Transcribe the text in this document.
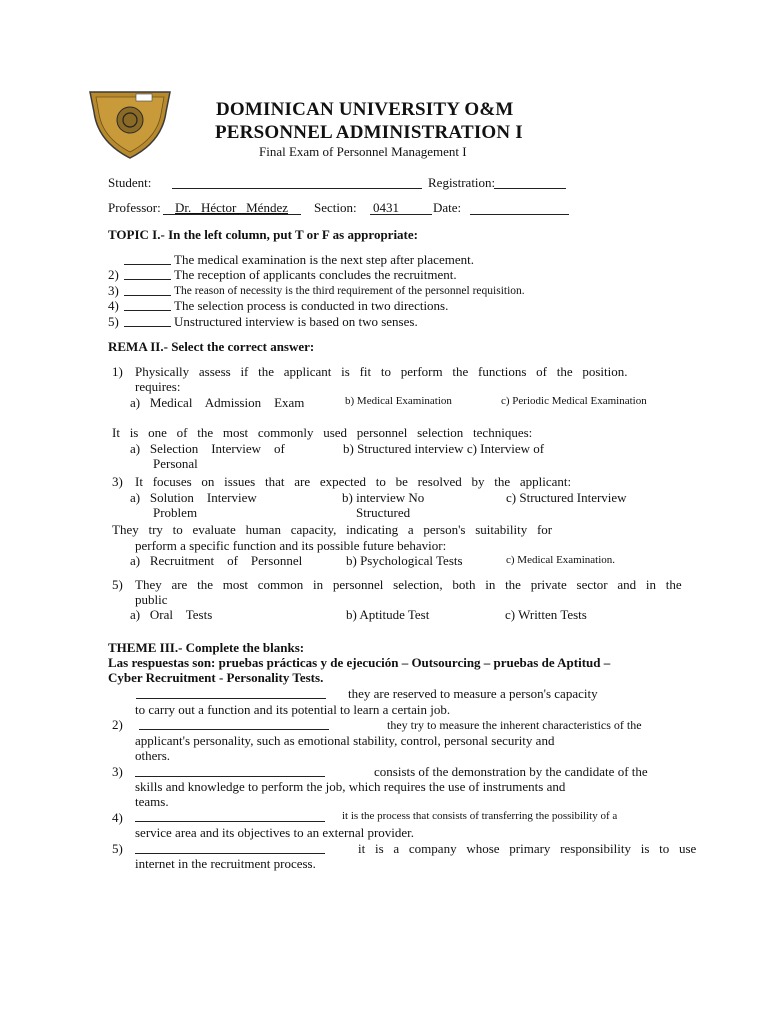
DOMINICAN UNIVERSITY O&M
PERSONNEL ADMINISTRATION I
Final Exam of Personnel Management I
Student:	Registration:
Professor: Dr.   Héctor   Méndez Section: 0431	Date:
TOPIC I.- In the left column, put T or F as appropriate:
The medical examination is the next step after placement.
2)	The reception of applicants concludes the recruitment.
3)	The reason of necessity is the third requirement of the personnel requisition.
4)	The selection process is conducted in two directions.
5)	Unstructured interview is based on two senses.
REMA II.- Select the correct answer:
1) Physically   assess   if   the   applicant   is   fit   to   perform   the   functions   of   the   position.
requires:
a)   Medical    Admission    Exam	b) Medical Examination	c) Periodic Medical Examination
It   is   one   of   the   most   commonly   used   personnel   selection   techniques:
a)   Selection    Interview    of
Personal
b) Structured interview c) Interview of
3) It   focuses   on   issues   that   are   expected   to   be   resolved   by   the   applicant:
a)   Solution    Interview
Problem
b) interview No
Structured
c) Structured Interview
They   try   to   evaluate   human   capacity,   indicating   a   person's   suitability   for
perform a specific function and its possible future behavior:
a)   Recruitment    of    Personnel	b) Psychological Tests	c) Medical Examination.
5) They   are   the   most   common   in   personnel   selection,   both   in   the   private   sector   and   in   the
public
a)   Oral    Tests	b) Aptitude Test	c) Written Tests
THEME III.- Complete the blanks:
Las respuestas son: pruebas prácticas y de ejecución – Outsourcing – pruebas de Aptitud –
Cyber Recruitment - Personality Tests.
they are reserved to measure a person's capacity
to carry out a function and its potential to learn a certain job.
2)	they try to measure the inherent characteristics of the
applicant's personality, such as emotional stability, control, personal security and
others.
3)	consists of the demonstration by the candidate of the
skills and knowledge to perform the job, which requires the use of instruments and
teams.
4)	it is the process that consists of transferring the possibility of a
service area and its objectives to an external provider.
5)	it   is   a   company   whose   primary   responsibility   is   to   use
internet in the recruitment process.
